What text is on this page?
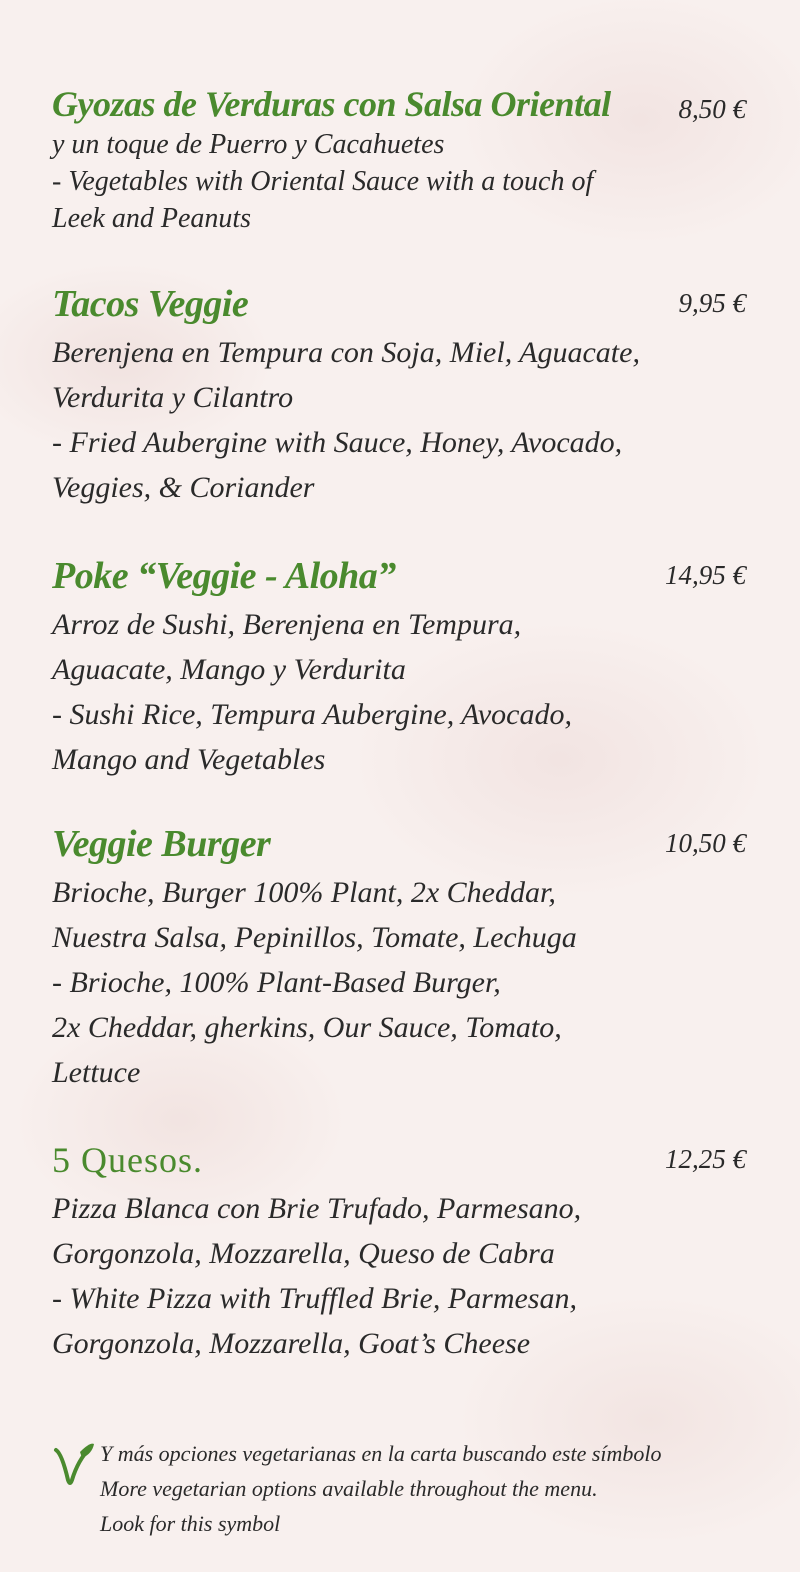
Gyozas de Verduras con Salsa Oriental	8,50 €

y un toque de Puerro y Cacahuetes
- Vegetables with Oriental Sauce with a touch of
Leek and Peanuts

Tacos Veggie	9,95 €

Berenjena en Tempura con Soja, Miel, Aguacate,
Verdurita y Cilantro
- Fried Aubergine with Sauce, Honey, Avocado,
Veggies, & Coriander

Poke “Veggie - Aloha”	14,95 €

Arroz de Sushi, Berenjena en Tempura,
Aguacate, Mango y Verdurita
- Sushi Rice, Tempura Aubergine, Avocado,
Mango and Vegetables

Veggie Burger	10,50 €

Brioche, Burger 100% Plant, 2x Cheddar,
Nuestra Salsa, Pepinillos, Tomate, Lechuga
- Brioche, 100% Plant-Based Burger,
2x Cheddar, gherkins, Our Sauce, Tomato,
Lettuce

5 Quesos.	12,25 €

Pizza Blanca con Brie Trufado, Parmesano,
Gorgonzola, Mozzarella, Queso de Cabra
- White Pizza with Truffled Brie, Parmesan,
Gorgonzola, Mozzarella, Goat’s Cheese

Y más opciones vegetarianas en la carta buscando este símbolo
More vegetarian options available throughout the menu.
Look for this symbol
